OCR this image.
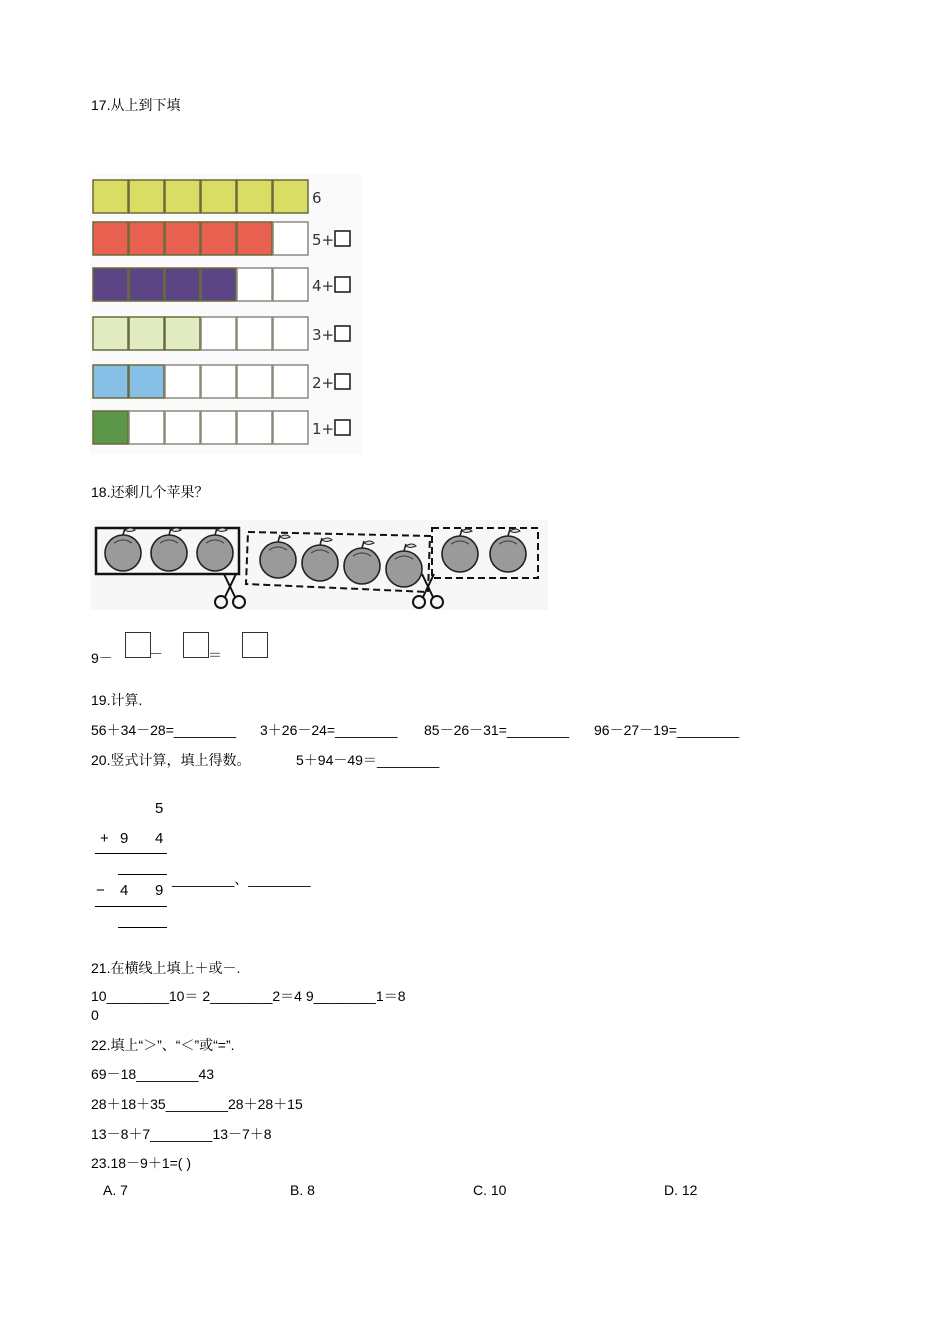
17.从上到下填
6
5+
4+
3+
2+
1+
18.还剩几个苹果？
9－	－	＝
19.计算.
56＋34－28=________ 3＋26－24=________ 85－26－31=________ 96－27－19=________
20.竖式计算，填上得数。	5＋94－49＝________
5
+ 9 4
________、________
− 4 9
21.在横线上填上＋或－.
10________10＝ 2________2＝4 9________1＝8
0
22.填上“＞”、“＜”或“=”.
69－18________43
28＋18＋35________28＋28＋15
13－8＋7________13－7＋8
23.18－9＋1=( )
A. 7	B. 8	C. 10	D. 12
